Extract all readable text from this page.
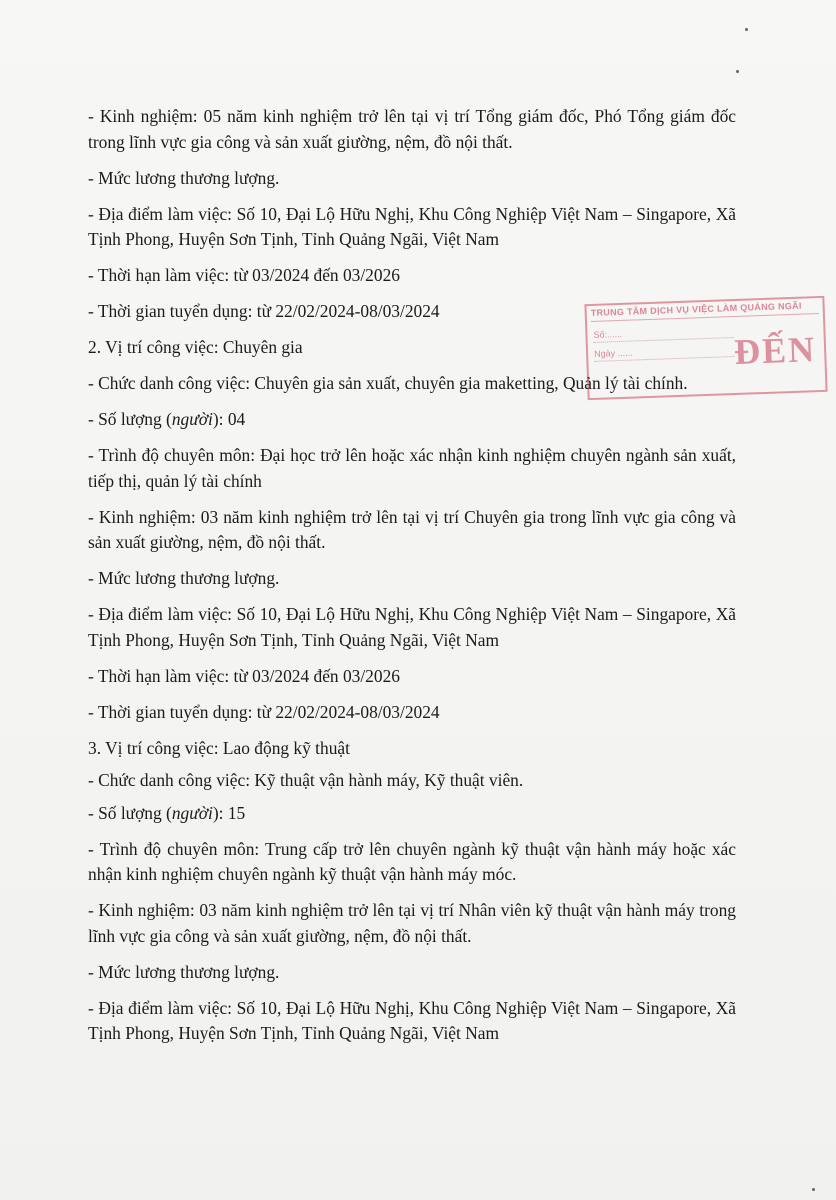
TRUNG TÂM DỊCH VỤ VIỆC LÀM QUẢNG NGÃI
Số:......
Ngày ......	ĐẾN

- Kinh nghiệm: 05 năm kinh nghiệm trở lên tại vị trí Tổng giám đốc, Phó Tổng giám đốc trong lĩnh vực gia công và sản xuất giường, nệm, đồ nội thất.

- Mức lương thương lượng.

- Địa điểm làm việc: Số 10, Đại Lộ Hữu Nghị, Khu Công Nghiệp Việt Nam – Singapore, Xã Tịnh Phong, Huyện Sơn Tịnh, Tỉnh Quảng Ngãi, Việt Nam

- Thời hạn làm việc: từ 03/2024 đến 03/2026

- Thời gian tuyển dụng: từ 22/02/2024-08/03/2024

2. Vị trí công việc: Chuyên gia

- Chức danh công việc: Chuyên gia sản xuất, chuyên gia maketting, Quản lý tài chính.

- Số lượng (người): 04

- Trình độ chuyên môn: Đại học trở lên hoặc xác nhận kinh nghiệm chuyên ngành sản xuất, tiếp thị, quản lý tài chính

- Kinh nghiệm: 03 năm kinh nghiệm trở lên tại vị trí Chuyên gia trong lĩnh vực gia công và sản xuất giường, nệm, đồ nội thất.

- Mức lương thương lượng.

- Địa điểm làm việc: Số 10, Đại Lộ Hữu Nghị, Khu Công Nghiệp Việt Nam – Singapore, Xã Tịnh Phong, Huyện Sơn Tịnh, Tỉnh Quảng Ngãi, Việt Nam

- Thời hạn làm việc: từ 03/2024 đến 03/2026

- Thời gian tuyển dụng: từ 22/02/2024-08/03/2024

3. Vị trí công việc: Lao động kỹ thuật

- Chức danh công việc: Kỹ thuật vận hành máy, Kỹ thuật viên.

- Số lượng (người): 15

- Trình độ chuyên môn: Trung cấp trở lên chuyên ngành kỹ thuật vận hành máy hoặc xác nhận kinh nghiệm chuyên ngành kỹ thuật vận hành máy móc.

- Kinh nghiệm: 03 năm kinh nghiệm trở lên tại vị trí Nhân viên kỹ thuật vận hành máy trong lĩnh vực gia công và sản xuất giường, nệm, đồ nội thất.

- Mức lương thương lượng.

- Địa điểm làm việc: Số 10, Đại Lộ Hữu Nghị, Khu Công Nghiệp Việt Nam – Singapore, Xã Tịnh Phong, Huyện Sơn Tịnh, Tỉnh Quảng Ngãi, Việt Nam
